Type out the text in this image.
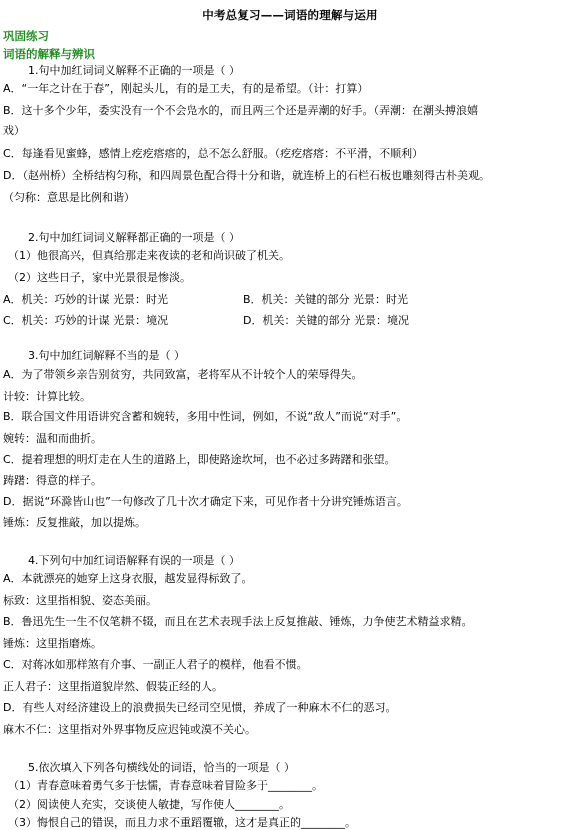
中考总复习——词语的理解与运用
巩固练习
词语的解释与辨识
1.句中加红词词义解释不正确的一项是（ ）
A．“一年之计在于春”，刚起头儿，有的是工夫，有的是希望。（计：打算）
B．这十多个少年，委实没有一个不会凫水的，而且两三个还是弄潮的好手。（弄潮：在潮头搏浪嬉
戏）
C．每逢看见蜜蜂，感情上疙疙瘩瘩的，总不怎么舒服。（疙疙瘩瘩：不平滑，不顺利）
D．（赵州桥）全桥结构匀称，和四周景色配合得十分和谐，就连桥上的石栏石板也雕刻得古朴美观。
（匀称：意思是比例和谐）
2.句中加红词词义解释都正确的一项是（ ）
（1）他很高兴，但真给那走来夜读的老和尚识破了机关。
（2）这些日子，家中光景很是惨淡。
A．机关：巧妙的计谋 光景：时光	B．机关：关键的部分 光景：时光
C．机关：巧妙的计谋 光景：境况	D．机关：关键的部分 光景：境况
3.句中加红词解释不当的是（ ）
A．为了带领乡亲告别贫穷，共同致富，老将军从不计较个人的荣辱得失。
计较：计算比较。
B．联合国文件用语讲究含蓄和婉转，多用中性词，例如，不说“敌人”而说“对手”。
婉转：温和而曲折。
C．提着理想的明灯走在人生的道路上，即使路途坎坷，也不必过多踌躇和张望。
踌躇：得意的样子。
D．据说“环滁皆山也”一句修改了几十次才确定下来，可见作者十分讲究锤炼语言。
锤炼：反复推敲，加以提炼。
4.下列句中加红词语解释有误的一项是（ ）
A．本就漂亮的她穿上这身衣服，越发显得标致了。
标致：这里指相貌、姿态美丽。
B．鲁迅先生一生不仅笔耕不辍，而且在艺术表现手法上反复推敲、锤炼，力争使艺术精益求精。
锤炼：这里指磨炼。
C．对蒋冰如那样煞有介事、一副正人君子的模样，他看不惯。
正人君子：这里指道貌岸然、假装正经的人。
D．有些人对经济建设上的浪费损失已经司空见惯，养成了一种麻木不仁的恶习。
麻木不仁：这里指对外界事物反应迟钝或漠不关心。
5.依次填入下列各句横线处的词语，恰当的一项是（ ）
（1）青春意味着勇气多于怯懦，青春意味着冒险多于________。
（2）阅读使人充实，交谈使人敏捷，写作使人________。
（3）悔恨自己的错误，而且力求不重蹈覆辙，这才是真正的________。
